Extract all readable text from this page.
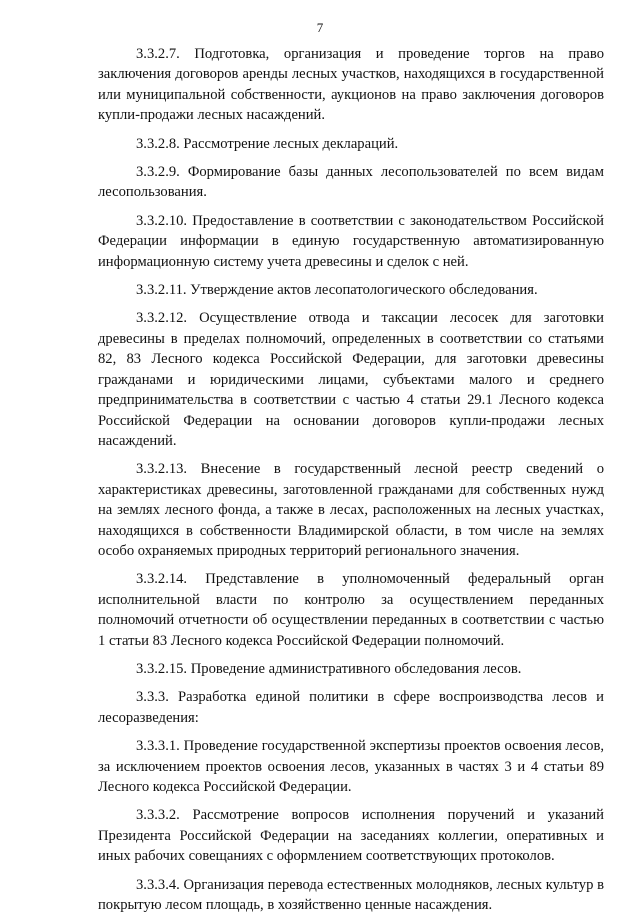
7

3.3.2.7. Подготовка, организация и проведение торгов на право заключения договоров аренды лесных участков, находящихся в государственной или муниципальной собственности, аукционов на право заключения договоров купли-продажи лесных насаждений.

3.3.2.8. Рассмотрение лесных деклараций.

3.3.2.9. Формирование базы данных лесопользователей по всем видам лесопользования.

3.3.2.10. Предоставление в соответствии с законодательством Российской Федерации информации в единую государственную автоматизированную информационную систему учета древесины и сделок с ней.

3.3.2.11. Утверждение актов лесопатологического обследования.

3.3.2.12. Осуществление отвода и таксации лесосек для заготовки древесины в пределах полномочий, определенных в соответствии со статьями 82, 83 Лесного кодекса Российской Федерации, для заготовки древесины гражданами и юридическими лицами, субъектами малого и среднего предпринимательства в соответствии с частью 4 статьи 29.1 Лесного кодекса Российской Федерации на основании договоров купли-продажи лесных насаждений.

3.3.2.13. Внесение в государственный лесной реестр сведений о характеристиках древесины, заготовленной гражданами для собственных нужд на землях лесного фонда, а также в лесах, расположенных на лесных участках, находящихся в собственности Владимирской области, в том числе на землях особо охраняемых природных территорий регионального значения.

3.3.2.14. Представление в уполномоченный федеральный орган исполнительной власти по контролю за осуществлением переданных полномочий отчетности об осуществлении переданных в соответствии с частью 1 статьи 83 Лесного кодекса Российской Федерации полномочий.

3.3.2.15. Проведение административного обследования лесов.

3.3.3. Разработка единой политики в сфере воспроизводства лесов и лесоразведения:

3.3.3.1. Проведение государственной экспертизы проектов освоения лесов, за исключением проектов освоения лесов, указанных в частях 3 и 4 статьи 89 Лесного кодекса Российской Федерации.

3.3.3.2. Рассмотрение вопросов исполнения поручений и указаний Президента Российской Федерации на заседаниях коллегии, оперативных и иных рабочих совещаниях с оформлением соответствующих протоколов.

3.3.3.4. Организация перевода естественных молодняков, лесных культур в покрытую лесом площадь, в хозяйственно ценные насаждения.
